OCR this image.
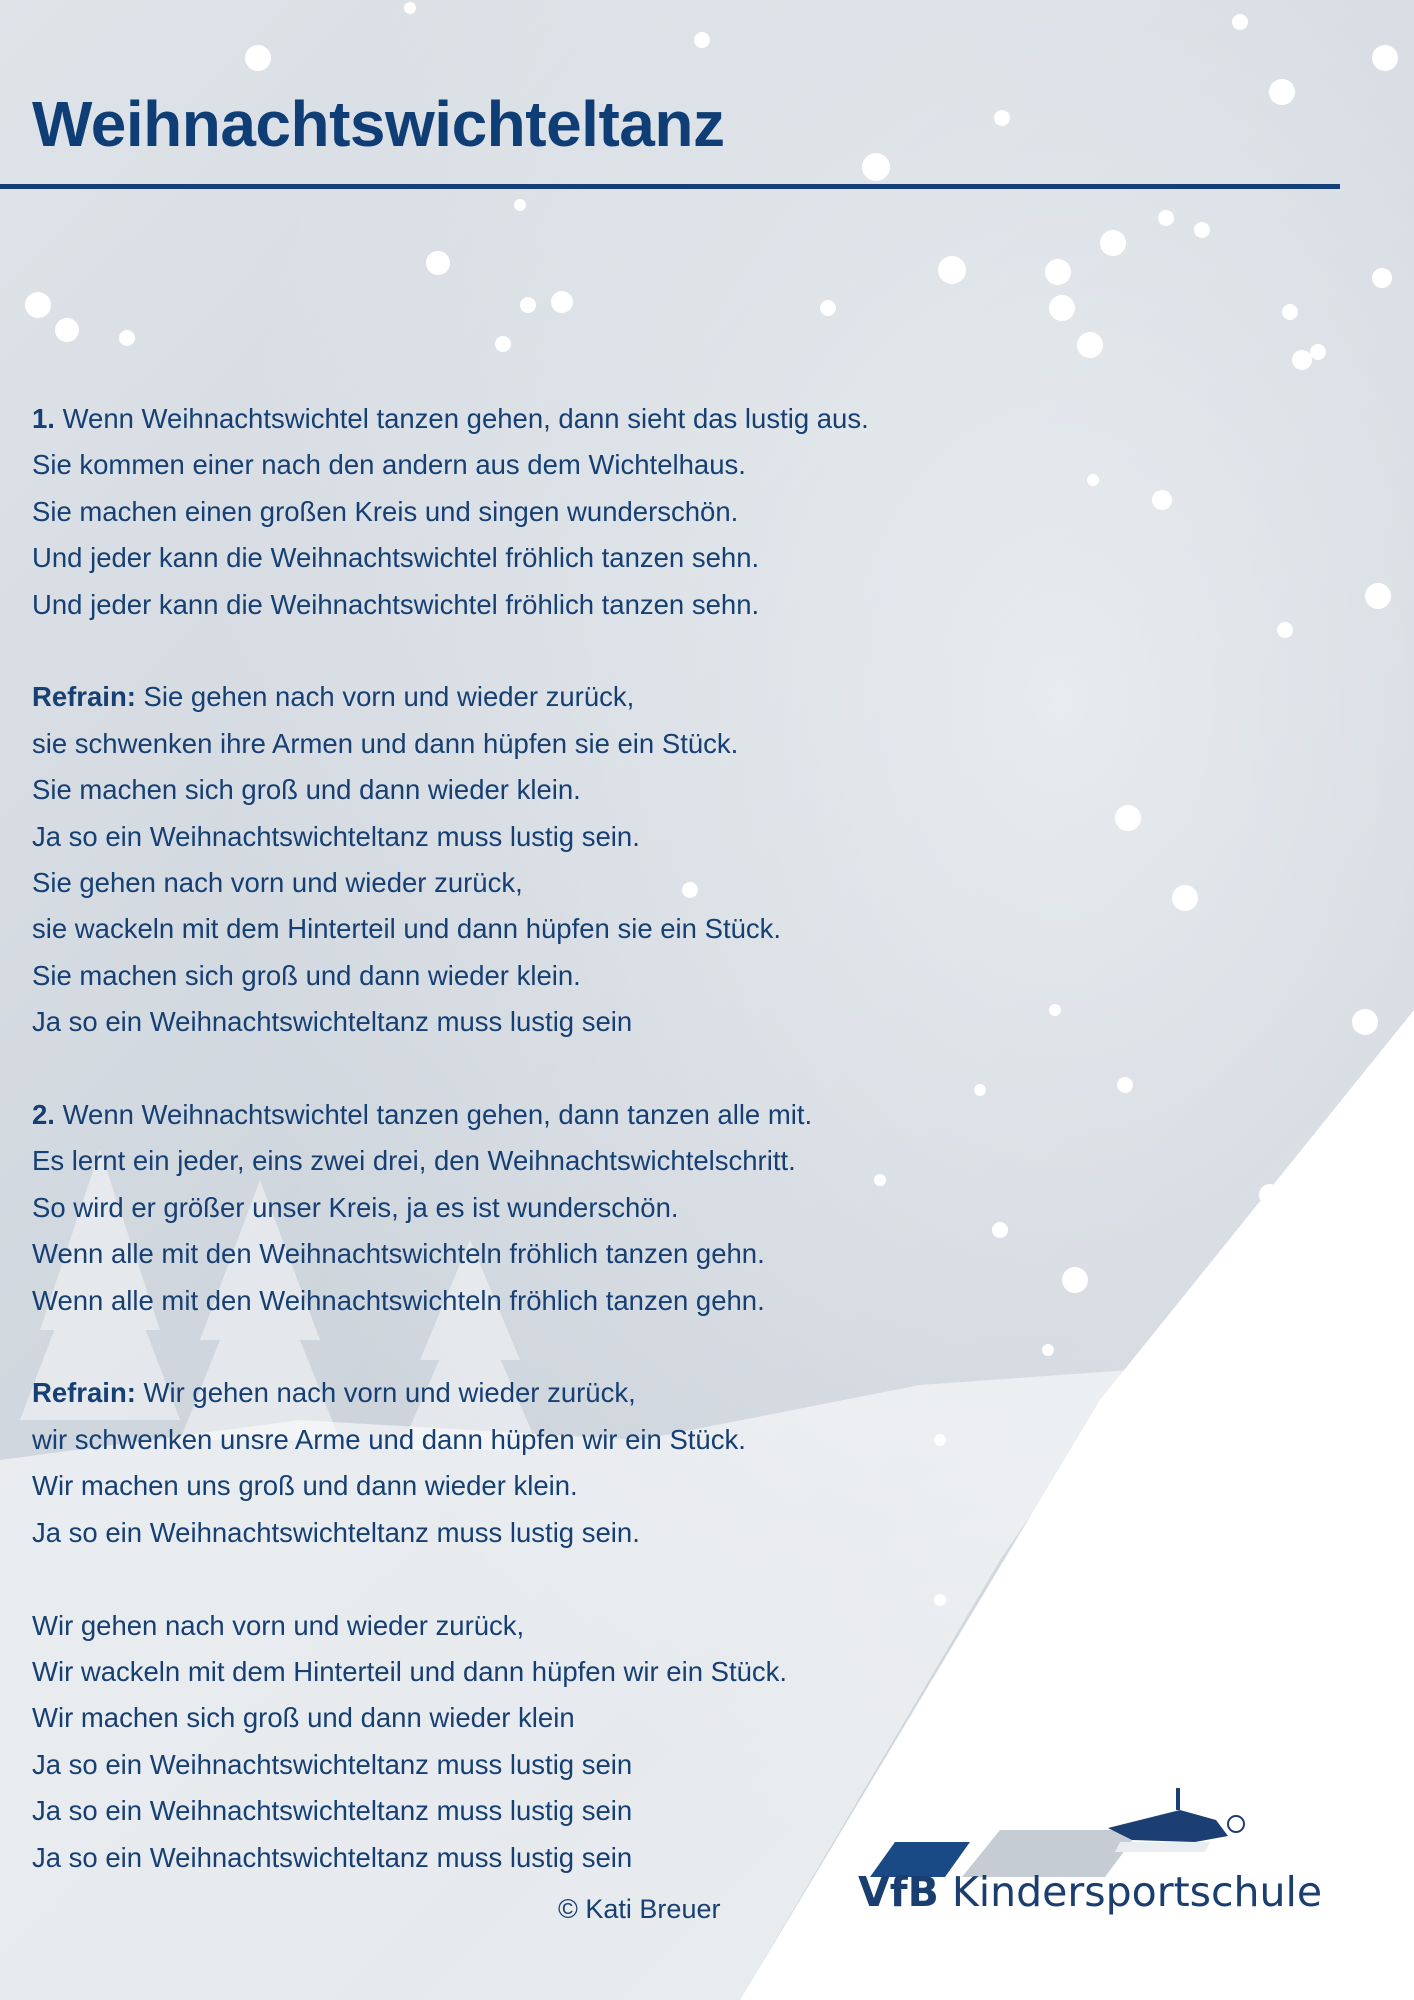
Weihnachtswichteltanz

1. Wenn Weihnachtswichtel tanzen gehen, dann sieht das lustig aus.
Sie kommen einer nach den andern aus dem Wichtelhaus.
Sie machen einen großen Kreis und singen wunderschön.
Und jeder kann die Weihnachtswichtel fröhlich tanzen sehn.
Und jeder kann die Weihnachtswichtel fröhlich tanzen sehn.

Refrain: Sie gehen nach vorn und wieder zurück,
sie schwenken ihre Armen und dann hüpfen sie ein Stück.
Sie machen sich groß und dann wieder klein.
Ja so ein Weihnachtswichteltanz muss lustig sein.
Sie gehen nach vorn und wieder zurück,
sie wackeln mit dem Hinterteil und dann hüpfen sie ein Stück.
Sie machen sich groß und dann wieder klein.
Ja so ein Weihnachtswichteltanz muss lustig sein

2. Wenn Weihnachtswichtel tanzen gehen, dann tanzen alle mit.
Es lernt ein jeder, eins zwei drei, den Weihnachtswichtelschritt.
So wird er größer unser Kreis, ja es ist wunderschön.
Wenn alle mit den Weihnachtswichteln fröhlich tanzen gehn.
Wenn alle mit den Weihnachtswichteln fröhlich tanzen gehn.

Refrain: Wir gehen nach vorn und wieder zurück,
wir schwenken unsre Arme und dann hüpfen wir ein Stück.
Wir machen uns groß und dann wieder klein.
Ja so ein Weihnachtswichteltanz muss lustig sein.

Wir gehen nach vorn und wieder zurück,
Wir wackeln mit dem Hinterteil und dann hüpfen wir ein Stück.
Wir machen sich groß und dann wieder klein
Ja so ein Weihnachtswichteltanz muss lustig sein
Ja so ein Weihnachtswichteltanz muss lustig sein
Ja so ein Weihnachtswichteltanz muss lustig sein

© Kati Breuer	VfB Kindersportschule
